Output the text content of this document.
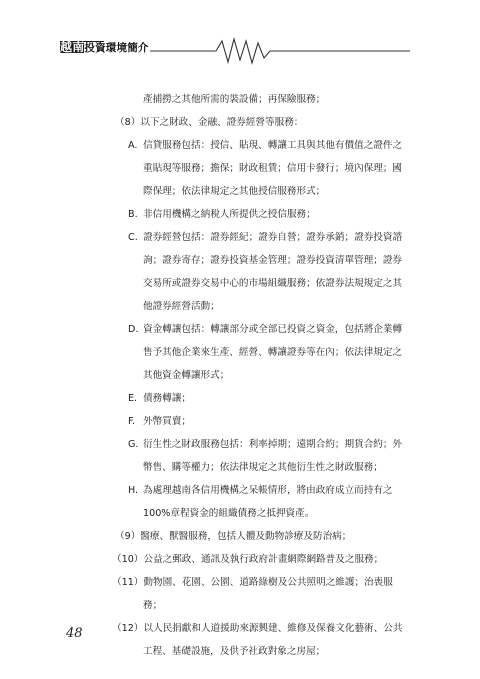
越南投資環境簡介
產捕撈之其他所需的裝設備；再保險服務；
（8）以下之財政、金融、證券經營等服務：
A. 信貸服務包括：授信、貼現、轉讓工具與其他有價值之證件之
重貼現等服務；擔保；財政租賃；信用卡發行；境內保理；國
際保理；依法律規定之其他授信服務形式；
B. 非信用機構之納稅人所提供之授信服務；
C. 證券經營包括：證券經紀；證券自營；證券承銷；證券投資諮
詢；證券寄存；證券投資基金管理；證券投資清單管理；證券
交易所或證券交易中心的市場組織服務；依證券法規規定之其
他證券經營活動；
D. 資金轉讓包括：轉讓部分或全部已投資之資金，包括將企業轉
售予其他企業來生產、經營、轉讓證券等在內；依法律規定之
其他資金轉讓形式；
E. 債務轉讓；
F. 外幣買賣；
G. 衍生性之財政服務包括：利率掉期；遠期合約；期貨合約；外
幣售、購等權力；依法律規定之其他衍生性之財政服務；
H. 為處理越南各信用機構之呆帳情形，將由政府成立而持有之
100%章程資金的組織債務之抵押資產。
（9）醫療、獸醫服務，包括人體及動物診療及防治病；
（10）公益之郵政、通訊及執行政府計畫網際網路普及之服務；
（11）動物園、花園、公園、道路綠樹及公共照明之維護；治喪服
務；
（12）以人民捐獻和人道援助來源興建、維修及保養文化藝術、公共
工程、基礎設施，及供予社政對象之房屋；
48
